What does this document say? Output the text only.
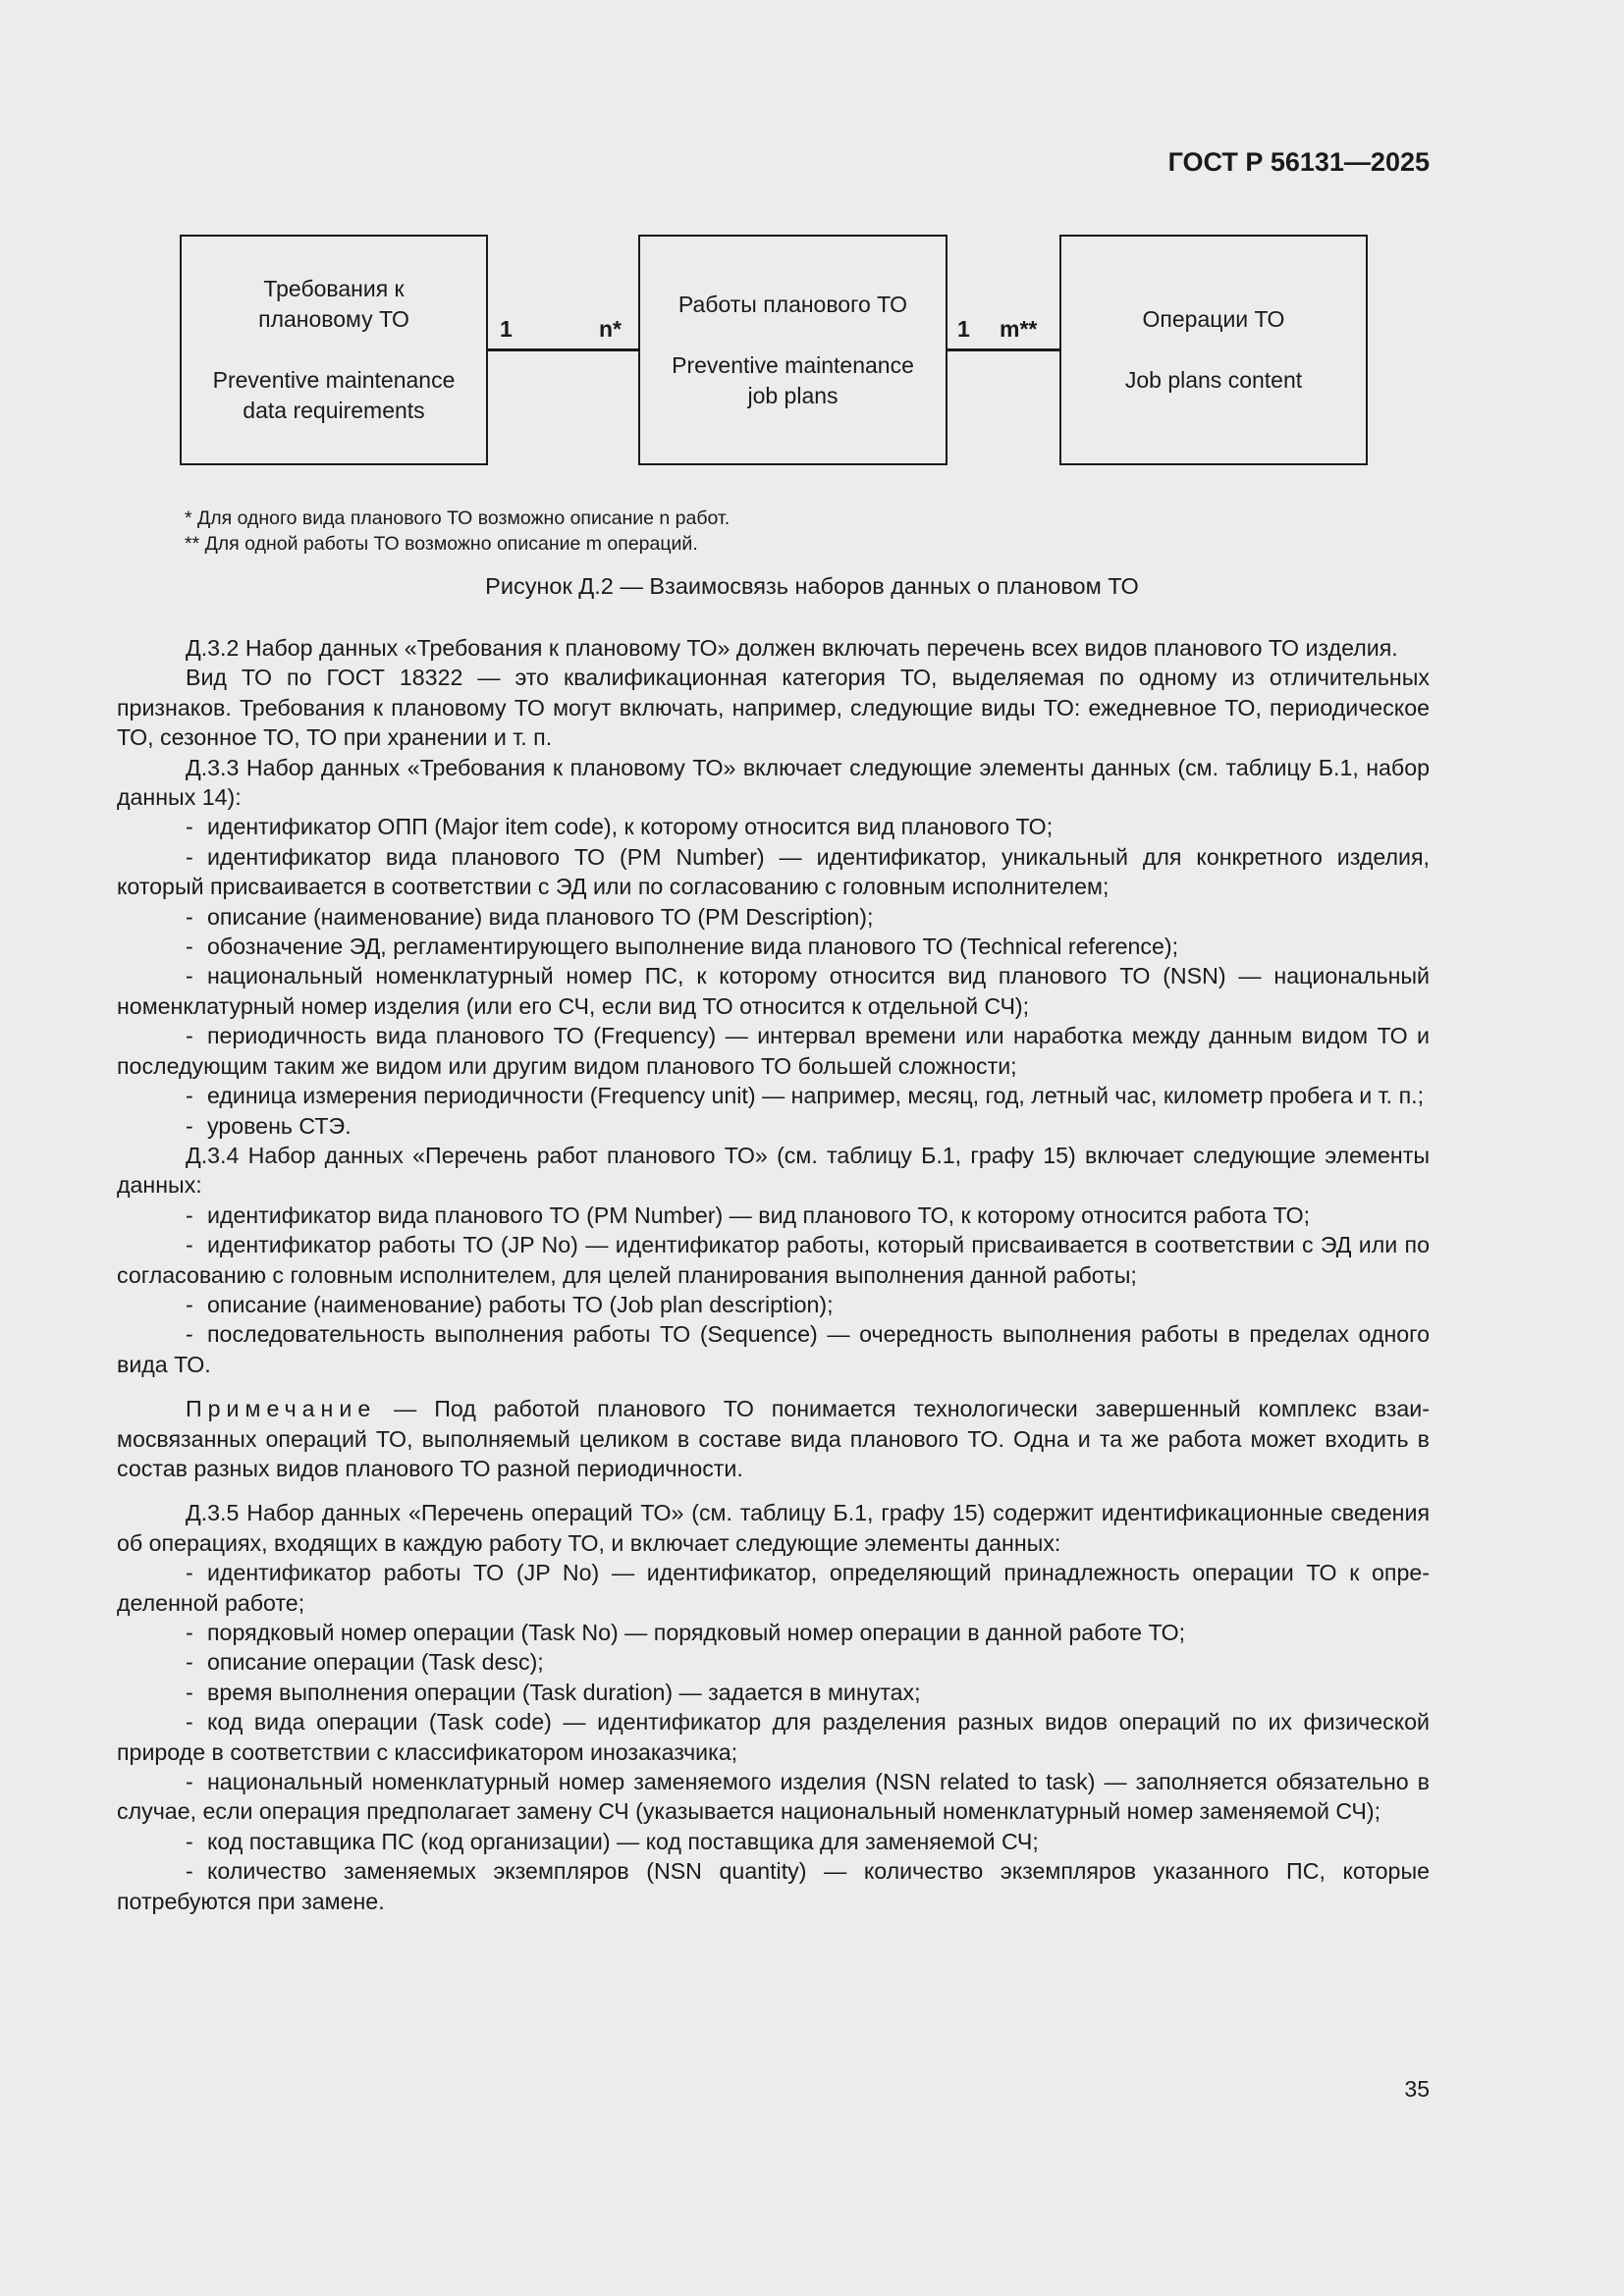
ГОСТ Р 56131—2025
Требования к
плановому ТО
Preventive maintenance
data requirements
1	n*
Работы планового ТО
Preventive maintenance
job plans
1 m**	Операции ТО
Job plans content
* Для одного вида планового ТО возможно описание n работ.
** Для одной работы ТО возможно описание m операций.
Рисунок Д.2 — Взаимосвязь наборов данных о плановом ТО

Д.3.2 Набор данных «Требования к плановому ТО» должен включать перечень всех видов планового ТО изделия.

Вид ТО по ГОСТ 18322 — это квалификационная категория ТО, выделяемая по одному из отличительных признаков. Требования к плановому ТО могут включать, например, следующие виды ТО: ежедневное ТО, периодическое ТО, сезонное ТО, ТО при хранении и т. п.

Д.3.3 Набор данных «Требования к плановому ТО» включает следующие элементы данных (см. таблицу Б.1, набор данных 14):

- идентификатор ОПП (Major item code), к которому относится вид планового ТО;

- идентификатор вида планового ТО (PM Number) — идентификатор, уникальный для конкретного изделия, который присваивается в соответствии с ЭД или по согласованию с головным исполнителем;

- описание (наименование) вида планового ТО (PM Description);

- обозначение ЭД, регламентирующего выполнение вида планового ТО (Technical reference);

- национальный номенклатурный номер ПС, к которому относится вид планового ТО (NSN) — национальный номенклатурный номер изделия (или его СЧ, если вид ТО относится к отдельной СЧ);

- периодичность вида планового ТО (Frequency) — интервал времени или наработка между данным видом ТО и последующим таким же видом или другим видом планового ТО большей сложности;

- единица измерения периодичности (Frequency unit) — например, месяц, год, летный час, километр пробега и т. п.;

- уровень СТЭ.

Д.3.4 Набор данных «Перечень работ планового ТО» (см. таблицу Б.1, графу 15) включает следующие элементы данных:

- идентификатор вида планового ТО (PM Number) — вид планового ТО, к которому относится работа ТО;

- идентификатор работы ТО (JP No) — идентификатор работы, который присваивается в соответствии с ЭД или по согласованию с головным исполнителем, для целей планирования выполнения данной работы;

- описание (наименование) работы ТО (Job plan description);

- последовательность выполнения работы ТО (Sequence) — очередность выполнения работы в пределах одного вида ТО.

Примечание — Под работой планового ТО понимается технологически завершенный комплекс взаимосвязанных операций ТО, выполняемый целиком в составе вида планового ТО. Одна и та же работа может входить в состав разных видов планового ТО разной периодичности.

Д.3.5 Набор данных «Перечень операций ТО» (см. таблицу Б.1, графу 15) содержит идентификационные сведения об операциях, входящих в каждую работу ТО, и включает следующие элементы данных:

- идентификатор работы ТО (JP No) — идентификатор, определяющий принадлежность операции ТО к определенной работе;

- порядковый номер операции (Task No) — порядковый номер операции в данной работе ТО;

- описание операции (Task desc);

- время выполнения операции (Task duration) — задается в минутах;

- код вида операции (Task code) — идентификатор для разделения разных видов операций по их физической природе в соответствии с классификатором инозаказчика;

- национальный номенклатурный номер заменяемого изделия (NSN related to task) — заполняется обязательно в случае, если операция предполагает замену СЧ (указывается национальный номенклатурный номер заменяемой СЧ);

- код поставщика ПС (код организации) — код поставщика для заменяемой СЧ;

- количество заменяемых экземпляров (NSN quantity) — количество экземпляров указанного ПС, которые потребуются при замене.

35
